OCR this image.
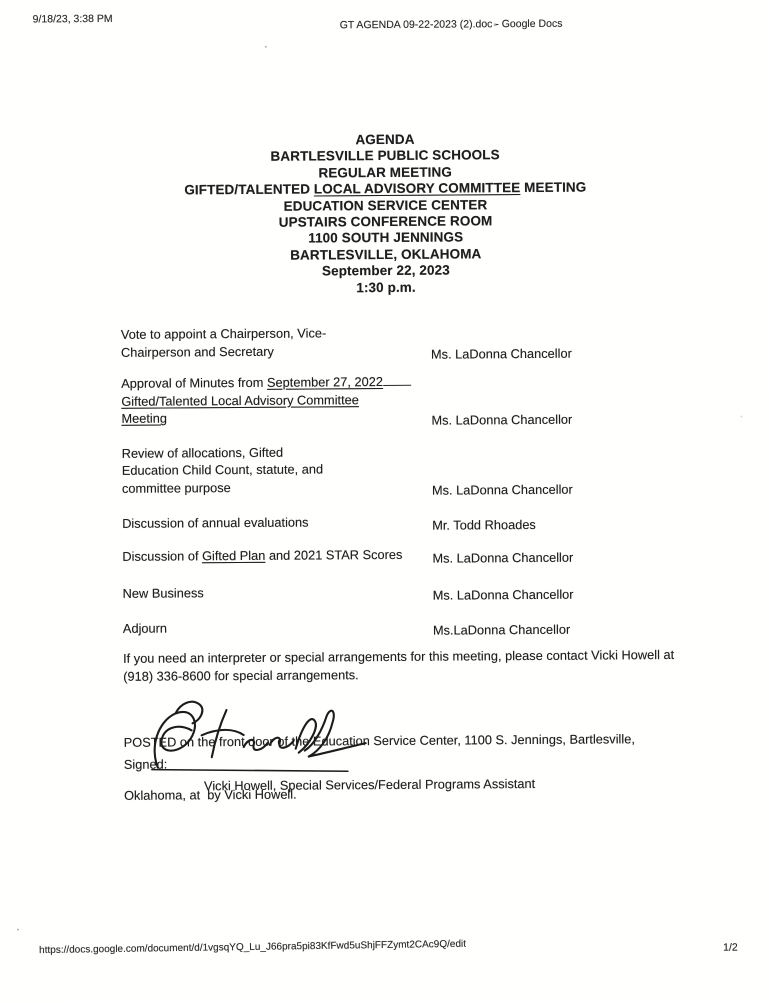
9/18/23, 3:38 PM	GT AGENDA 09-22-2023 (2).doc - Google Docs
AGENDA
BARTLESVILLE PUBLIC SCHOOLS
REGULAR MEETING
GIFTED/TALENTED LOCAL ADVISORY COMMITTEE MEETING
EDUCATION SERVICE CENTER
UPSTAIRS CONFERENCE ROOM
1100 SOUTH JENNINGS
BARTLESVILLE, OKLAHOMA
September 22, 2023
1:30 p.m.
Vote to appoint a Chairperson, Vice-
Chairperson and Secretary	Ms. LaDonna Chancellor
Approval of Minutes from September 27, 2022
Gifted/Talented Local Advisory Committee
Meeting	Ms. LaDonna Chancellor
Review of allocations, Gifted
Education Child Count, statute, and
committee purpose	Ms. LaDonna Chancellor
Discussion of annual evaluations	Mr. Todd Rhoades
Discussion of Gifted Plan and 2021 STAR Scores	Ms. LaDonna Chancellor
New Business	Ms. LaDonna Chancellor
Adjourn	Ms.LaDonna Chancellor
If you need an interpreter or special arrangements for this meeting, please contact Vicki Howell at
(918) 336-8600 for special arrangements.

POSTED on the front door of the Education Service Center, 1100 S. Jennings, Bartlesville,

Oklahoma, at  by Vicki Howell.

Signed:
Vicki Howell, Special Services/Federal Programs Assistant
https://docs.google.com/document/d/1vgsqYQ_Lu_J66pra5pi83KfFwd5uShjFFZymt2CAc9Q/edit	1/2
